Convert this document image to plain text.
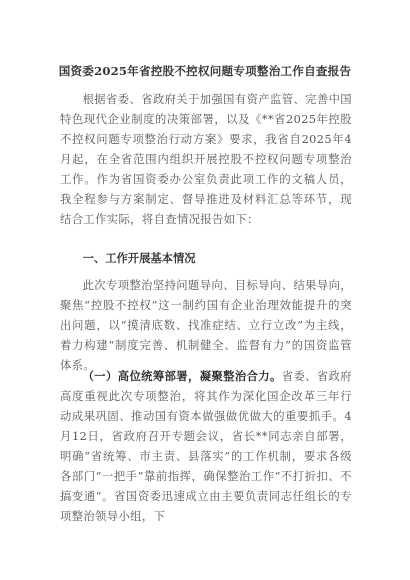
国资委2025年省控股不控权问题专项整治工作自查报告

根据省委、省政府关于加强国有资产监管、完善中国特色现代企业制度的决策部署，以及《**省2025年控股不控权问题专项整治行动方案》要求，我省自2025年4月起，在全省范围内组织开展控股不控权问题专项整治工作。作为省国资委办公室负责此项工作的文稿人员，我全程参与方案制定、督导推进及材料汇总等环节，现结合工作实际，将自查情况报告如下：

一、工作开展基本情况

此次专项整治坚持问题导向、目标导向、结果导向，聚焦“控股不控权”这一制约国有企业治理效能提升的突出问题，以“摸清底数、找准症结、立行立改”为主线，着力构建“制度完善、机制健全、监督有力”的国资监管体系。

（一）高位统筹部署，凝聚整治合力。省委、省政府高度重视此次专项整治，将其作为深化国企改革三年行动成果巩固、推动国有资本做强做优做大的重要抓手。4月12日，省政府召开专题会议，省长**同志亲自部署，明确“省统筹、市主责、县落实”的工作机制，要求各级各部门“一把手”靠前指挥，确保整治工作“不打折扣、不搞变通”。省国资委迅速成立由主要负责同志任组长的专项整治领导小组，下
